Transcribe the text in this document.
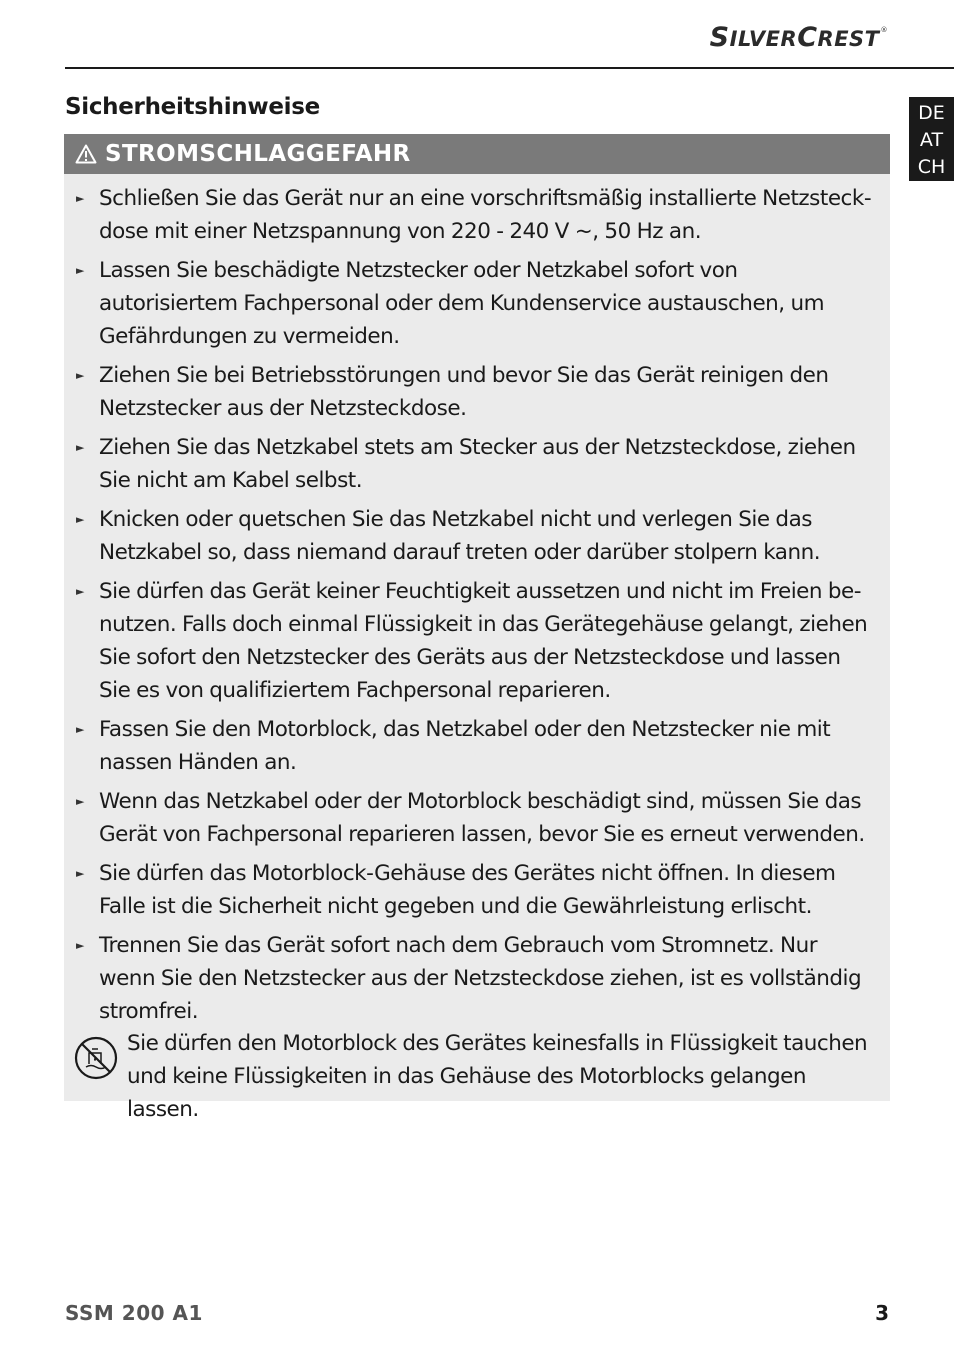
SILVERCREST®
DE
AT
CH
Sicherheitshinweise
STROMSCHLAGGEFAHR
► Schließen Sie das Gerät nur an eine vorschriftsmäßig installierte Netzsteck-dose mit einer Netzspannung von 220 - 240 V ~, 50 Hz an.
► Lassen Sie beschädigte Netzstecker oder Netzkabel sofort von autorisiertem Fachpersonal oder dem Kundenservice austauschen, um Gefährdungen zu vermeiden.
► Ziehen Sie bei Betriebsstörungen und bevor Sie das Gerät reinigen den Netzstecker aus der Netzsteckdose.
► Ziehen Sie das Netzkabel stets am Stecker aus der Netzsteckdose, ziehen Sie nicht am Kabel selbst.
► Knicken oder quetschen Sie das Netzkabel nicht und verlegen Sie das Netzkabel so, dass niemand darauf treten oder darüber stolpern kann.
► Sie dürfen das Gerät keiner Feuchtigkeit aussetzen und nicht im Freien be-nutzen. Falls doch einmal Flüssigkeit in das Gerätegehäuse gelangt, ziehen Sie sofort den Netzstecker des Geräts aus der Netzsteckdose und lassen Sie es von qualifiziertem Fachpersonal reparieren.
► Fassen Sie den Motorblock, das Netzkabel oder den Netzstecker nie mit nassen Händen an.
► Wenn das Netzkabel oder der Motorblock beschädigt sind, müssen Sie das Gerät von Fachpersonal reparieren lassen, bevor Sie es erneut verwenden.
► Sie dürfen das Motorblock-Gehäuse des Gerätes nicht öffnen. In diesem Falle ist die Sicherheit nicht gegeben und die Gewährleistung erlischt.
► Trennen Sie das Gerät sofort nach dem Gebrauch vom Stromnetz. Nur wenn Sie den Netzstecker aus der Netzsteckdose ziehen, ist es vollständig stromfrei.
Sie dürfen den Motorblock des Gerätes keinesfalls in Flüssigkeit tauchen und keine Flüssigkeiten in das Gehäuse des Motorblocks gelangen lassen.
SSM 200 A1	3
